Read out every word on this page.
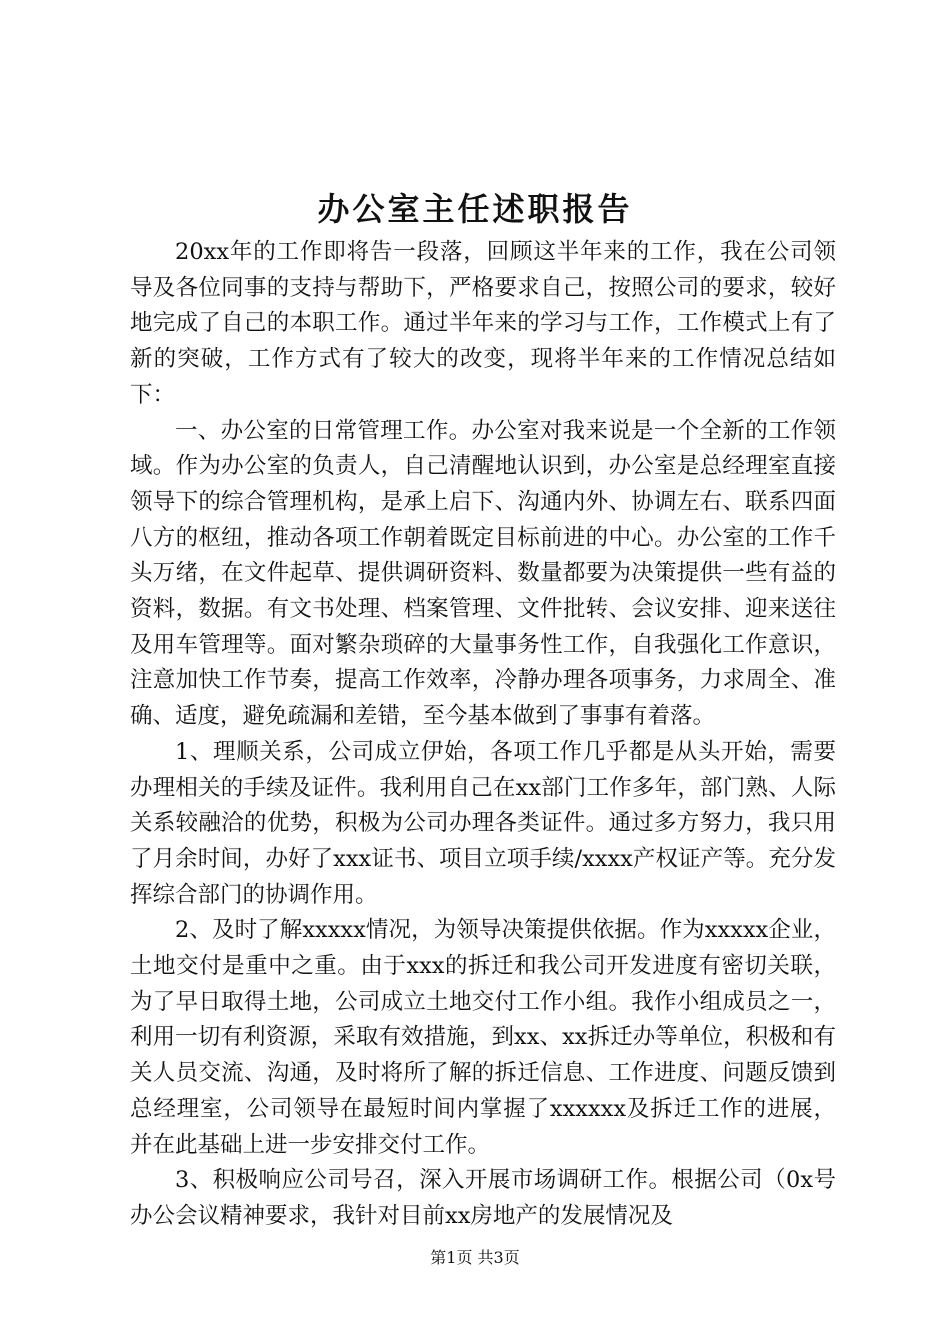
办公室主任述职报告

20xx年的工作即将告一段落，回顾这半年来的工作，我在公司领导及各位同事的支持与帮助下，严格要求自己，按照公司的要求，较好地完成了自己的本职工作。通过半年来的学习与工作，工作模式上有了新的突破，工作方式有了较大的改变，现将半年来的工作情况总结如下：

一、办公室的日常管理工作。办公室对我来说是一个全新的工作领域。作为办公室的负责人，自己清醒地认识到，办公室是总经理室直接领导下的综合管理机构，是承上启下、沟通内外、协调左右、联系四面八方的枢纽，推动各项工作朝着既定目标前进的中心。办公室的工作千头万绪，在文件起草、提供调研资料、数量都要为决策提供一些有益的资料，数据。有文书处理、档案管理、文件批转、会议安排、迎来送往及用车管理等。面对繁杂琐碎的大量事务性工作，自我强化工作意识，注意加快工作节奏，提高工作效率，冷静办理各项事务，力求周全、准确、适度，避免疏漏和差错，至今基本做到了事事有着落。

1、理顺关系，公司成立伊始，各项工作几乎都是从头开始，需要办理相关的手续及证件。我利用自己在xx部门工作多年，部门熟、人际关系较融洽的优势，积极为公司办理各类证件。通过多方努力，我只用了月余时间，办好了xxx证书、项目立项手续/xxxx产权证产等。充分发挥综合部门的协调作用。

2、及时了解xxxxx情况，为领导决策提供依据。作为xxxxx企业，土地交付是重中之重。由于xxx的拆迁和我公司开发进度有密切关联，为了早日取得土地，公司成立土地交付工作小组。我作小组成员之一，利用一切有利资源，采取有效措施，到xx、xx拆迁办等单位，积极和有关人员交流、沟通，及时将所了解的拆迁信息、工作进度、问题反馈到总经理室，公司领导在最短时间内掌握了xxxxxx及拆迁工作的进展，并在此基础上进一步安排交付工作。

3、积极响应公司号召，深入开展市场调研工作。根据公司（0x号办公会议精神要求，我针对目前xx房地产的发展情况及

第1页 共3页
